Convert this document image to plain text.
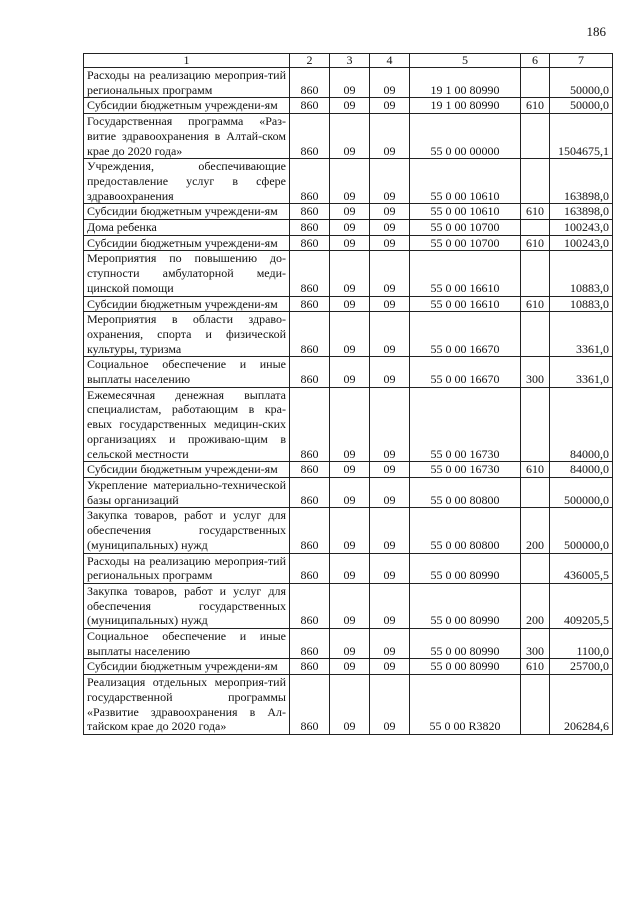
186
1	2	3	4	5	6	7
Расходы на реализацию мероприя-тий региональных программ	860	09	09	19 1 00 80990		50000,0
Субсидии бюджетным учреждени-ям	860	09	09	19 1 00 80990	610	50000,0
Государственная программа «Раз-витие здравоохранения в Алтай-ском крае до 2020 года»	860	09	09	55 0 00 00000		1504675,1
Учреждения, обеспечивающие предоставление услуг в сфере здравоохранения	860	09	09	55 0 00 10610		163898,0
Субсидии бюджетным учреждени-ям	860	09	09	55 0 00 10610	610	163898,0
Дома ребенка	860	09	09	55 0 00 10700		100243,0
Субсидии бюджетным учреждени-ям	860	09	09	55 0 00 10700	610	100243,0
Мероприятия по повышению до-ступности амбулаторной меди-цинской помощи	860	09	09	55 0 00 16610		10883,0
Субсидии бюджетным учреждени-ям	860	09	09	55 0 00 16610	610	10883,0
Мероприятия в области здраво-охранения, спорта и физической культуры, туризма	860	09	09	55 0 00 16670		3361,0
Социальное обеспечение и иные выплаты населению	860	09	09	55 0 00 16670	300	3361,0
Ежемесячная денежная выплата специалистам, работающим в кра-евых государственных медицин-ских организациях и проживаю-щим в сельской местности	860	09	09	55 0 00 16730		84000,0
Субсидии бюджетным учреждени-ям	860	09	09	55 0 00 16730	610	84000,0
Укрепление материально-технической базы организаций	860	09	09	55 0 00 80800		500000,0
Закупка товаров, работ и услуг для обеспечения государственных (муниципальных) нужд	860	09	09	55 0 00 80800	200	500000,0
Расходы на реализацию мероприя-тий региональных программ	860	09	09	55 0 00 80990		436005,5
Закупка товаров, работ и услуг для обеспечения государственных (муниципальных) нужд	860	09	09	55 0 00 80990	200	409205,5
Социальное обеспечение и иные выплаты населению	860	09	09	55 0 00 80990	300	1100,0
Субсидии бюджетным учреждени-ям	860	09	09	55 0 00 80990	610	25700,0
Реализация отдельных мероприя-тий государственной программы «Развитие здравоохранения в Ал-тайском крае до 2020 года»	860	09	09	55 0 00 R3820		206284,6
